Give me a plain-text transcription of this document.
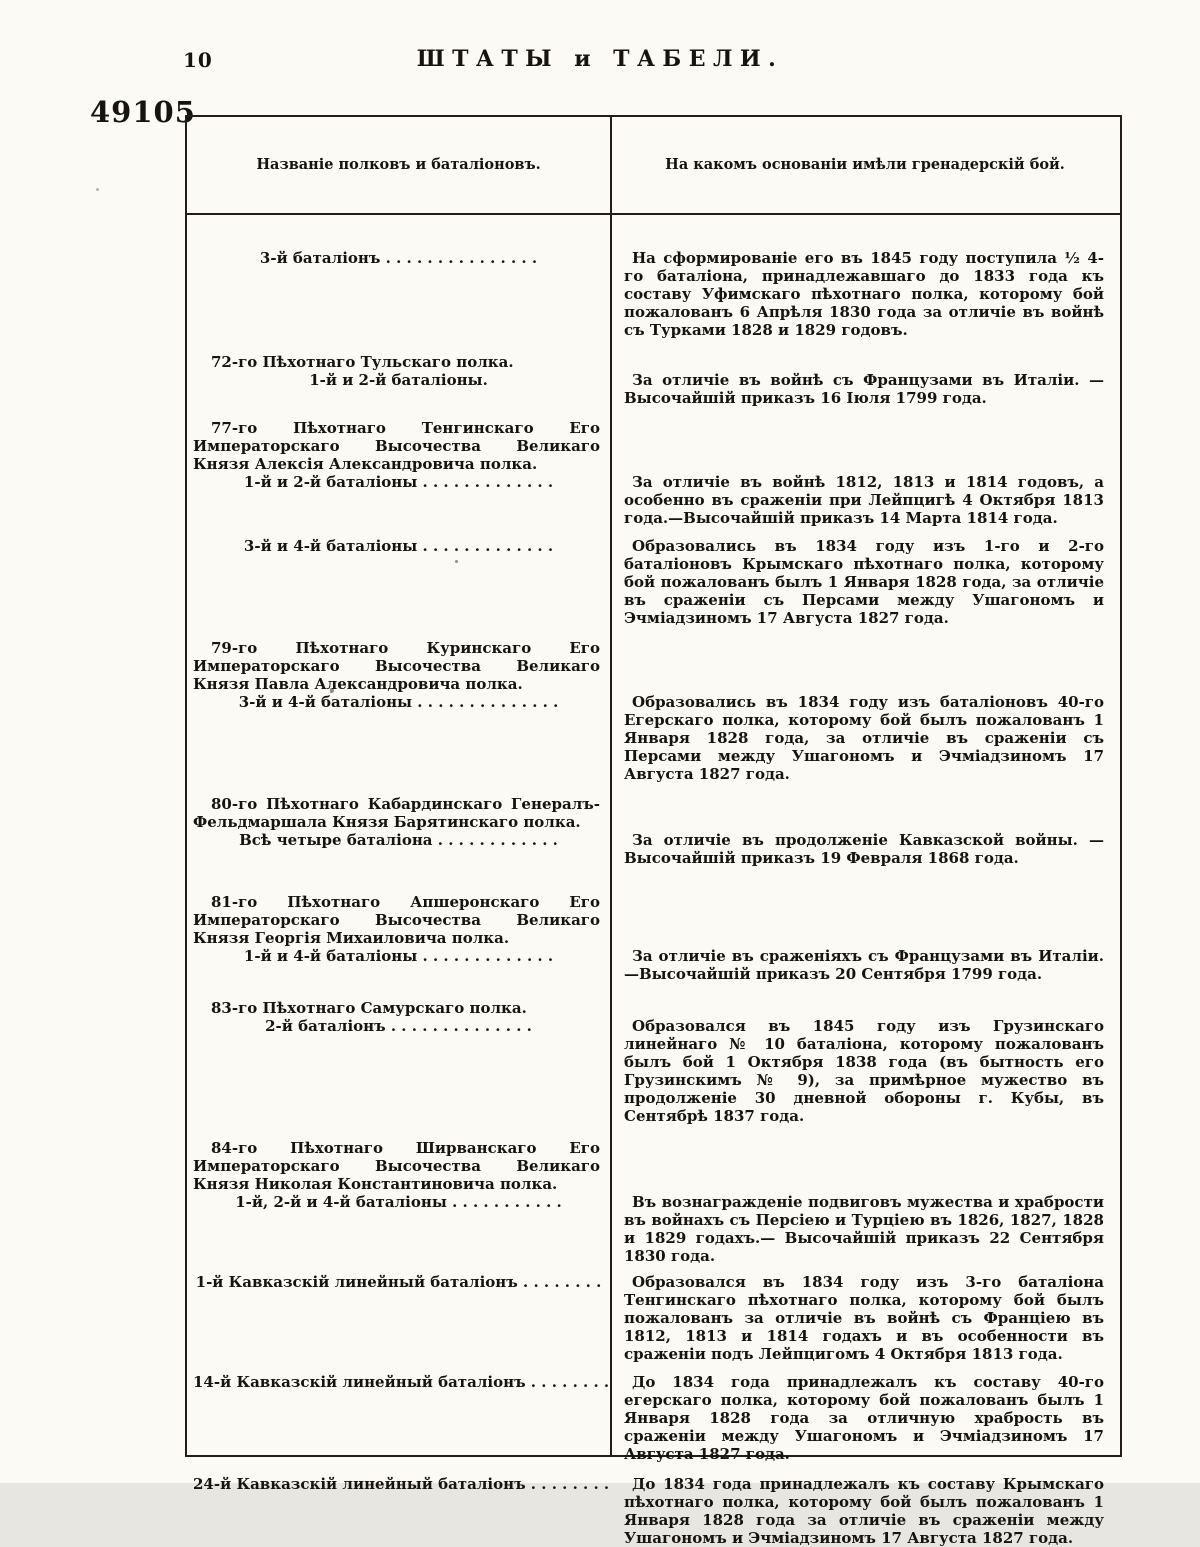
10	ШТАТЫ и ТАБЕЛИ.
49105
Названіе полковъ и баталіоновъ.	На какомъ основаніи имѣли гренадерскій бой.
3-й баталіонъ . . . . . . . . . . . . . . .	На сформированіе его въ 1845 году поступила ½ 4-го баталіона, принадлежавшаго до 1833 года къ составу Уфимскаго пѣхотнаго полка, которому бой пожалованъ 6 Апрѣля 1830 года за отличіе въ войнѣ съ Турками 1828 и 1829 годовъ.
72-го Пѣхотнаго Тульскаго полка.
1-й и 2-й баталіоны.	За отличіе въ войнѣ съ Французами въ Италіи. — Высочайшій приказъ 16 Іюля 1799 года.
77-го Пѣхотнаго Тенгинскаго Его Императорскаго Высочества Великаго Князя Алексія Александровича полка.
1-й и 2-й баталіоны . . . . . . . . . . . . .	За отличіе въ войнѣ 1812, 1813 и 1814 годовъ, а особенно въ сраженіи при Лейпцигѣ 4 Октября 1813 года.—Высочайшій приказъ 14 Марта 1814 года.
3-й и 4-й баталіоны . . . . . . . . . . . . .	Образовались въ 1834 году изъ 1-го и 2-го баталіоновъ Крымскаго пѣхотнаго полка, которому бой пожалованъ былъ 1 Января 1828 года, за отличіе въ сраженіи съ Персами между Ушагономъ и Эчміадзиномъ 17 Августа 1827 года.
79-го Пѣхотнаго Куринскаго Его Императорскаго Высочества Великаго Князя Павла Александровича полка.
3-й и 4-й баталіоны . . . . . . . . . . . . . .	Образовались въ 1834 году изъ баталіоновъ 40-го Егерскаго полка, которому бой былъ пожалованъ 1 Января 1828 года, за отличіе въ сраженіи съ Персами между Ушагономъ и Эчміадзиномъ 17 Августа 1827 года.
80-го Пѣхотнаго Кабардинскаго Генералъ-Фельдмаршала Князя Барятинскаго полка.
Всѣ четыре баталіона . . . . . . . . . . . .	За отличіе въ продолженіе Кавказской войны. — Высочайшій приказъ 19 Февраля 1868 года.
81-го Пѣхотнаго Апшеронскаго Его Императорскаго Высочества Великаго Князя Георгія Михаиловича полка.
1-й и 4-й баталіоны . . . . . . . . . . . . .	За отличіе въ сраженіяхъ съ Французами въ Италіи.—Высочайшій приказъ 20 Сентября 1799 года.
83-го Пѣхотнаго Самурскаго полка.
2-й баталіонъ . . . . . . . . . . . . . .	Образовался въ 1845 году изъ Грузинскаго линейнаго № 10 баталіона, которому пожалованъ былъ бой 1 Октября 1838 года (въ бытность его Грузинскимъ № 9), за примѣрное мужество въ продолженіе 30 дневной обороны г. Кубы, въ Сентябрѣ 1837 года.
84-го Пѣхотнаго Ширванскаго Его Императорскаго Высочества Великаго Князя Николая Константиновича полка.
1-й, 2-й и 4-й баталіоны . . . . . . . . . . .	Въ вознагражденіе подвиговъ мужества и храбрости въ войнахъ съ Персіею и Турціею въ 1826, 1827, 1828 и 1829 годахъ.— Высочайшій приказъ 22 Сентября 1830 года.
1-й Кавказскій линейный баталіонъ . . . . . . . .	Образовался въ 1834 году изъ 3-го баталіона Тенгинскаго пѣхотнаго полка, которому бой былъ пожалованъ за отличіе въ войнѣ съ Франціею въ 1812, 1813 и 1814 годахъ и въ особенности въ сраженіи подъ Лейпцигомъ 4 Октября 1813 года.
14-й Кавказскій линейный баталіонъ . . . . . . . .	До 1834 года принадлежалъ къ составу 40-го егерскаго полка, которому бой пожалованъ былъ 1 Января 1828 года за отличную храбрость въ сраженіи между Ушагономъ и Эчміадзиномъ 17 Августа 1827 года.
24-й Кавказскій линейный баталіонъ . . . . . . . .	До 1834 года принадлежалъ къ составу Крымскаго пѣхотнаго полка, которому бой былъ пожалованъ 1 Января 1828 года за отличіе въ сраженіи между Ушагономъ и Эчміадзиномъ 17 Августа 1827 года.
